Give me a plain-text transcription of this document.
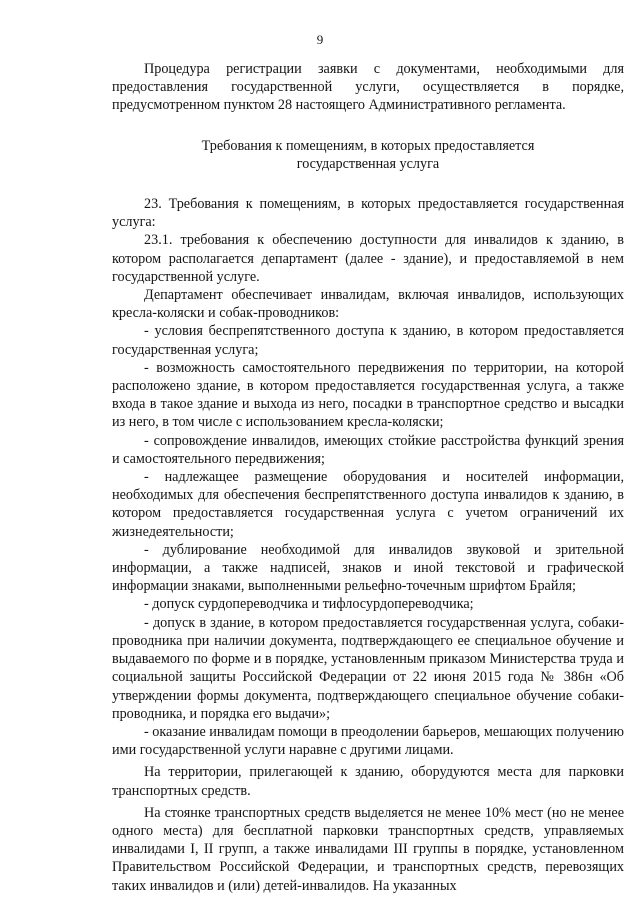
9

Процедура регистрации заявки с документами, необходимыми для предоставления государственной услуги, осуществляется в порядке, предусмотренном пунктом 28 настоящего Административного регламента.

Требования к помещениям, в которых предоставляется
государственная услуга

23. Требования к помещениям, в которых предоставляется государственная услуга:

23.1. требования к обеспечению доступности для инвалидов к зданию, в котором располагается департамент (далее - здание), и предоставляемой в нем государственной услуге.

Департамент обеспечивает инвалидам, включая инвалидов, использующих кресла-коляски и собак-проводников:

- условия беспрепятственного доступа к зданию, в котором предоставляется государственная услуга;

- возможность самостоятельного передвижения по территории, на которой расположено здание, в котором предоставляется государственная услуга, а также входа в такое здание и выхода из него, посадки в транспортное средство и высадки из него, в том числе с использованием кресла-коляски;

- сопровождение инвалидов, имеющих стойкие расстройства функций зрения и самостоятельного передвижения;

- надлежащее размещение оборудования и носителей информации, необходимых для обеспечения беспрепятственного доступа инвалидов к зданию, в котором предоставляется государственная услуга с учетом ограничений их жизнедеятельности;

- дублирование необходимой для инвалидов звуковой и зрительной информации, а также надписей, знаков и иной текстовой и графической информации знаками, выполненными рельефно-точечным шрифтом Брайля;

- допуск сурдопереводчика и тифлосурдопереводчика;

- допуск в здание, в котором предоставляется государственная услуга, собаки-проводника при наличии документа, подтверждающего ее специальное обучение и выдаваемого по форме и в порядке, установленным приказом Министерства труда и социальной защиты Российской Федерации от 22 июня 2015 года № 386н «Об утверждении формы документа, подтверждающего специальное обучение собаки-проводника, и порядка его выдачи»;

- оказание инвалидам помощи в преодолении барьеров, мешающих получению ими государственной услуги наравне с другими лицами.

На территории, прилегающей к зданию, оборудуются места для парковки транспортных средств.

На стоянке транспортных средств выделяется не менее 10% мест (но не менее одного места) для бесплатной парковки транспортных средств, управляемых инвалидами I, II групп, а также инвалидами III группы в порядке, установленном Правительством Российской Федерации, и транспортных средств, перевозящих таких инвалидов и (или) детей-инвалидов. На указанных
